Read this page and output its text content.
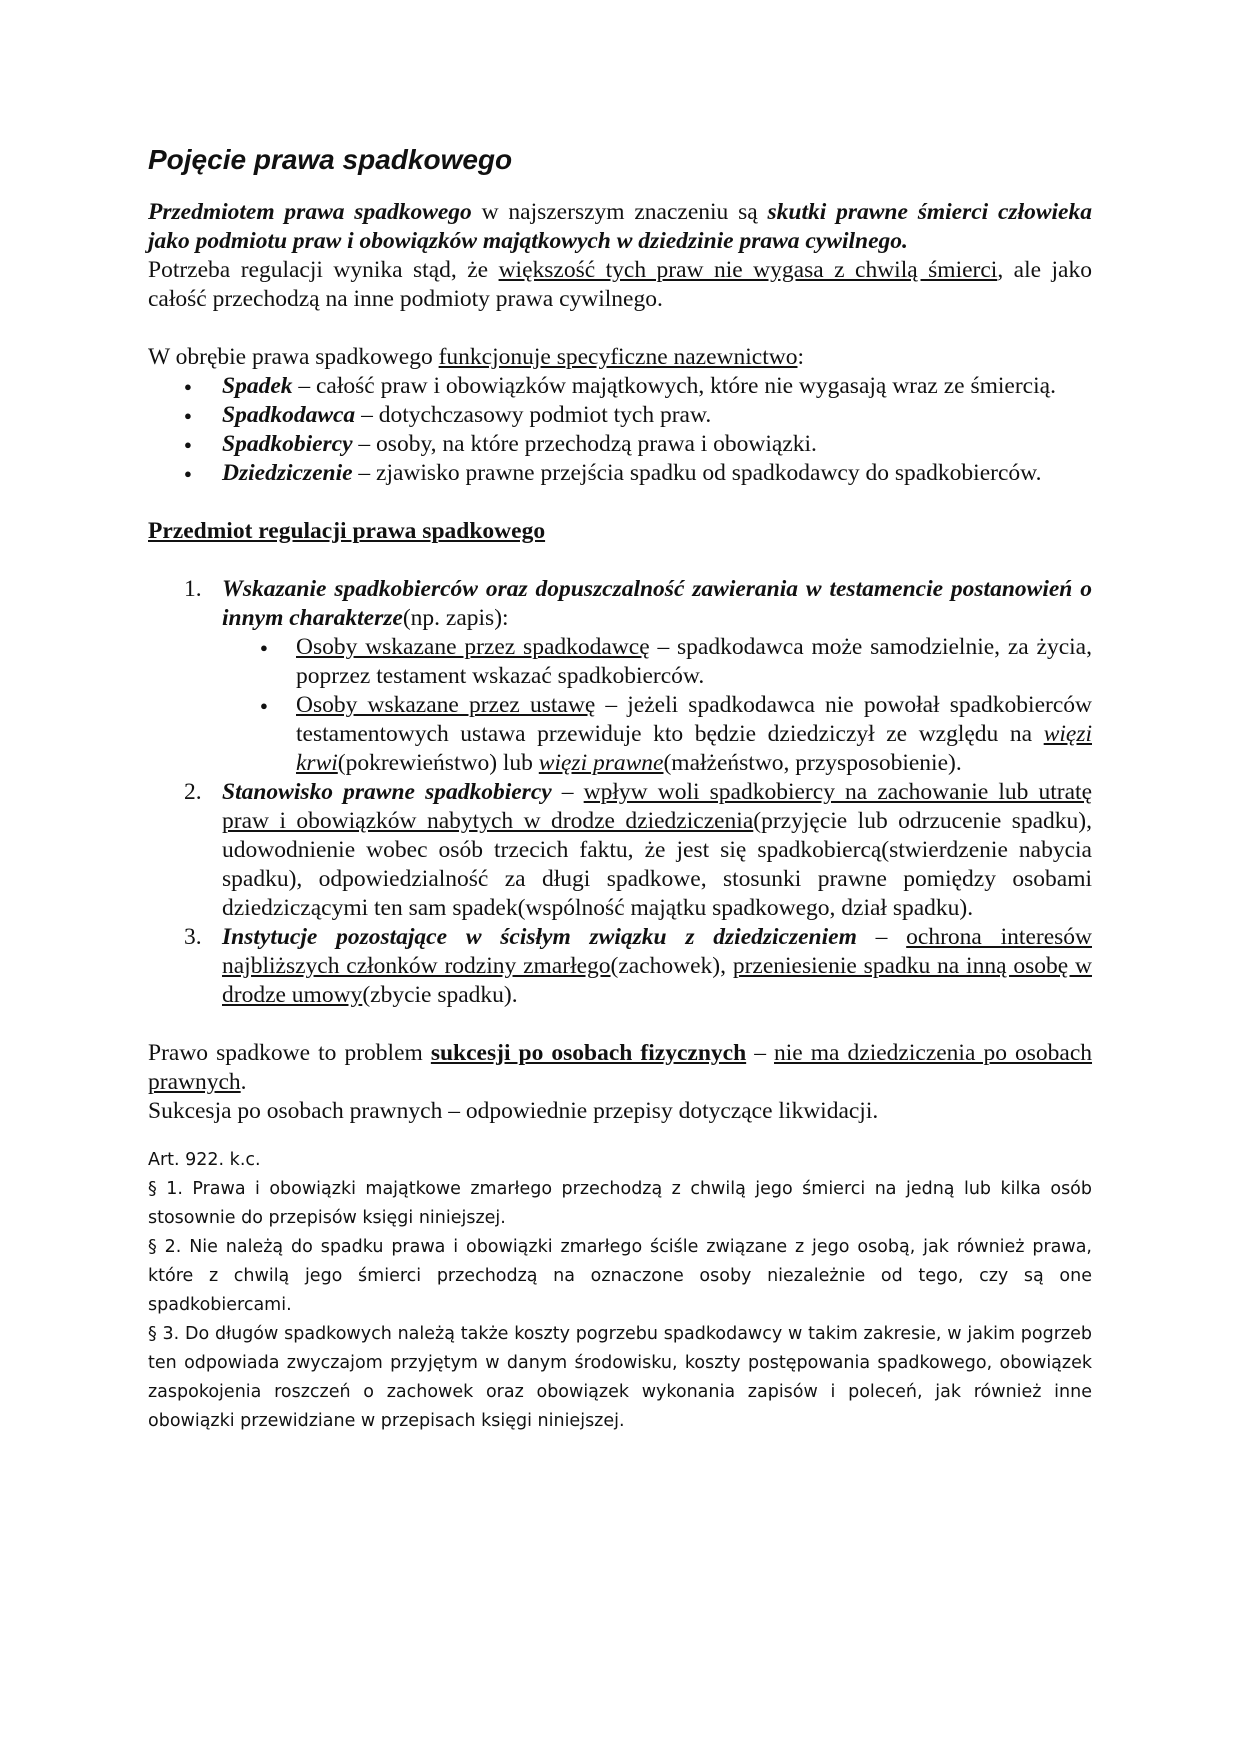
Pojęcie prawa spadkowego

Przedmiotem prawa spadkowego w najszerszym znaczeniu są skutki prawne śmierci człowieka jako podmiotu praw i obowiązków majątkowych w dziedzinie prawa cywilnego.

Potrzeba regulacji wynika stąd, że większość tych praw nie wygasa z chwilą śmierci, ale jako całość przechodzą na inne podmioty prawa cywilnego.

W obrębie prawa spadkowego funkcjonuje specyficzne nazewnictwo:

● Spadek – całość praw i obowiązków majątkowych, które nie wygasają wraz ze śmiercią.
● Spadkodawca – dotychczasowy podmiot tych praw.
● Spadkobiercy – osoby, na które przechodzą prawa i obowiązki.
● Dziedziczenie – zjawisko prawne przejścia spadku od spadkodawcy do spadkobierców.

Przedmiot regulacji prawa spadkowego

1. Wskazanie spadkobierców oraz dopuszczalność zawierania w testamencie postanowień o innym charakterze(np. zapis):
● Osoby wskazane przez spadkodawcę – spadkodawca może samodzielnie, za życia, poprzez testament wskazać spadkobierców.
● Osoby wskazane przez ustawę – jeżeli spadkodawca nie powołał spadkobierców testamentowych ustawa przewiduje kto będzie dziedziczył ze względu na więzi krwi(pokrewieństwo) lub więzi prawne(małżeństwo, przysposobienie).
2. Stanowisko prawne spadkobiercy – wpływ woli spadkobiercy na zachowanie lub utratę praw i obowiązków nabytych w drodze dziedziczenia(przyjęcie lub odrzucenie spadku), udowodnienie wobec osób trzecich faktu, że jest się spadkobiercą(stwierdzenie nabycia spadku), odpowiedzialność za długi spadkowe, stosunki prawne pomiędzy osobami dziedziczącymi ten sam spadek(wspólność majątku spadkowego, dział spadku).
3. Instytucje pozostające w ścisłym związku z dziedziczeniem – ochrona interesów najbliższych członków rodziny zmarłego(zachowek), przeniesienie spadku na inną osobę w drodze umowy(zbycie spadku).

Prawo spadkowe to problem sukcesji po osobach fizycznych – nie ma dziedziczenia po osobach prawnych.

Sukcesja po osobach prawnych – odpowiednie przepisy dotyczące likwidacji.

Art. 922. k.c.

§ 1. Prawa i obowiązki majątkowe zmarłego przechodzą z chwilą jego śmierci na jedną lub kilka osób stosownie do przepisów księgi niniejszej.

§ 2. Nie należą do spadku prawa i obowiązki zmarłego ściśle związane z jego osobą, jak również prawa, które z chwilą jego śmierci przechodzą na oznaczone osoby niezależnie od tego, czy są one spadkobiercami.

§ 3. Do długów spadkowych należą także koszty pogrzebu spadkodawcy w takim zakresie, w jakim pogrzeb ten odpowiada zwyczajom przyjętym w danym środowisku, koszty postępowania spadkowego, obowiązek zaspokojenia roszczeń o zachowek oraz obowiązek wykonania zapisów i poleceń, jak również inne obowiązki przewidziane w przepisach księgi niniejszej.
